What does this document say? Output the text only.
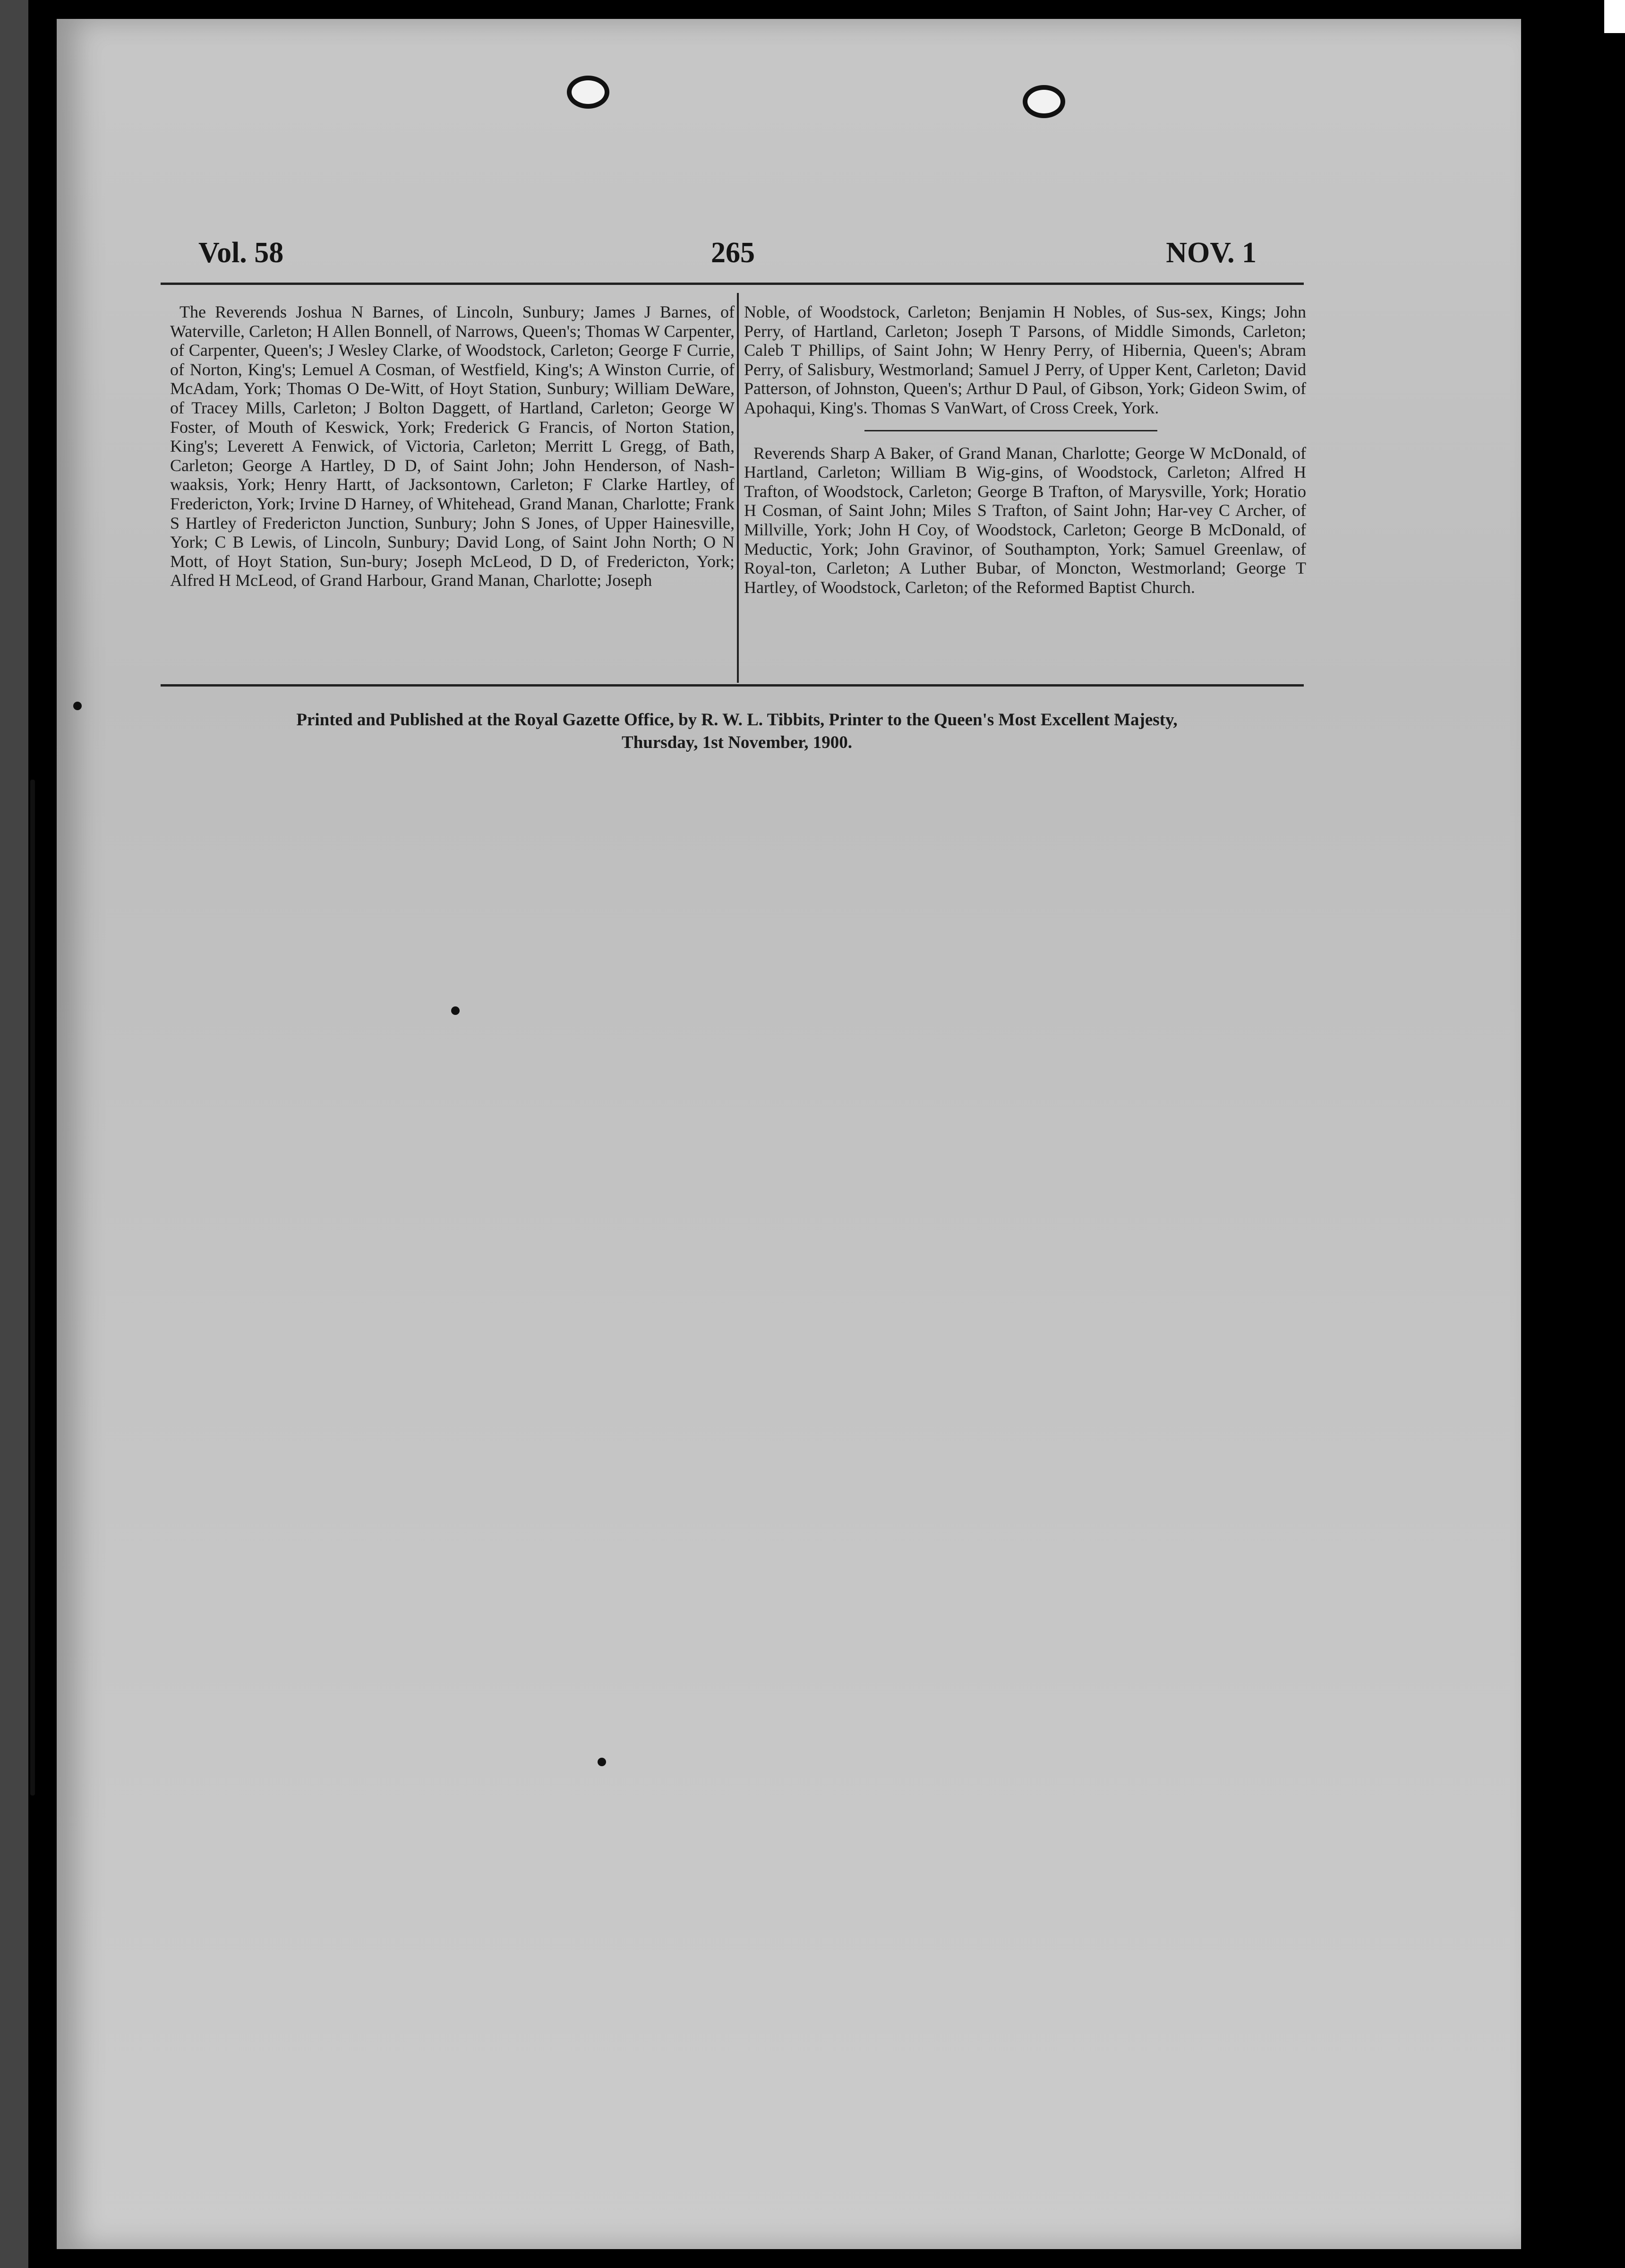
Vol. 58	265	NOV. 1

The Reverends Joshua N Barnes, of Lincoln, Sunbury; James J Barnes, of Waterville, Carleton; H Allen Bonnell, of Narrows, Queen's; Thomas W Carpenter, of Carpenter, Queen's; J Wesley Clarke, of Woodstock, Carleton; George F Currie, of Norton, King's; Lemuel A Cosman, of Westfield, King's; A Winston Currie, of McAdam, York; Thomas O De-Witt, of Hoyt Station, Sunbury; William DeWare, of Tracey Mills, Carleton; J Bolton Daggett, of Hartland, Carleton; George W Foster, of Mouth of Keswick, York; Frederick G Francis, of Norton Station, King's; Leverett A Fenwick, of Victoria, Carleton; Merritt L Gregg, of Bath, Carleton; George A Hartley, D D, of Saint John; John Henderson, of Nash-waaksis, York; Henry Hartt, of Jacksontown, Carleton; F Clarke Hartley, of Fredericton, York; Irvine D Harney, of Whitehead, Grand Manan, Charlotte; Frank S Hartley of Fredericton Junction, Sunbury; John S Jones, of Upper Hainesville, York; C B Lewis, of Lincoln, Sunbury; David Long, of Saint John North; O N Mott, of Hoyt Station, Sun-bury; Joseph McLeod, D D, of Fredericton, York; Alfred H McLeod, of Grand Harbour, Grand Manan, Charlotte; Joseph

Noble, of Woodstock, Carleton; Benjamin H Nobles, of Sus-sex, Kings; John Perry, of Hartland, Carleton; Joseph T Parsons, of Middle Simonds, Carleton; Caleb T Phillips, of Saint John; W Henry Perry, of Hibernia, Queen's; Abram Perry, of Salisbury, Westmorland; Samuel J Perry, of Upper Kent, Carleton; David Patterson, of Johnston, Queen's; Arthur D Paul, of Gibson, York; Gideon Swim, of Apohaqui, King's. Thomas S VanWart, of Cross Creek, York.

Reverends Sharp A Baker, of Grand Manan, Charlotte; George W McDonald, of Hartland, Carleton; William B Wig-gins, of Woodstock, Carleton; Alfred H Trafton, of Woodstock, Carleton; George B Trafton, of Marysville, York; Horatio H Cosman, of Saint John; Miles S Trafton, of Saint John; Har-vey C Archer, of Millville, York; John H Coy, of Woodstock, Carleton; George B McDonald, of Meductic, York; John Gravinor, of Southampton, York; Samuel Greenlaw, of Royal-ton, Carleton; A Luther Bubar, of Moncton, Westmorland; George T Hartley, of Woodstock, Carleton; of the Reformed Baptist Church.

Printed and Published at the Royal Gazette Office, by R. W. L. Tibbits, Printer to the Queen's Most Excellent Majesty,
Thursday, 1st November, 1900.
